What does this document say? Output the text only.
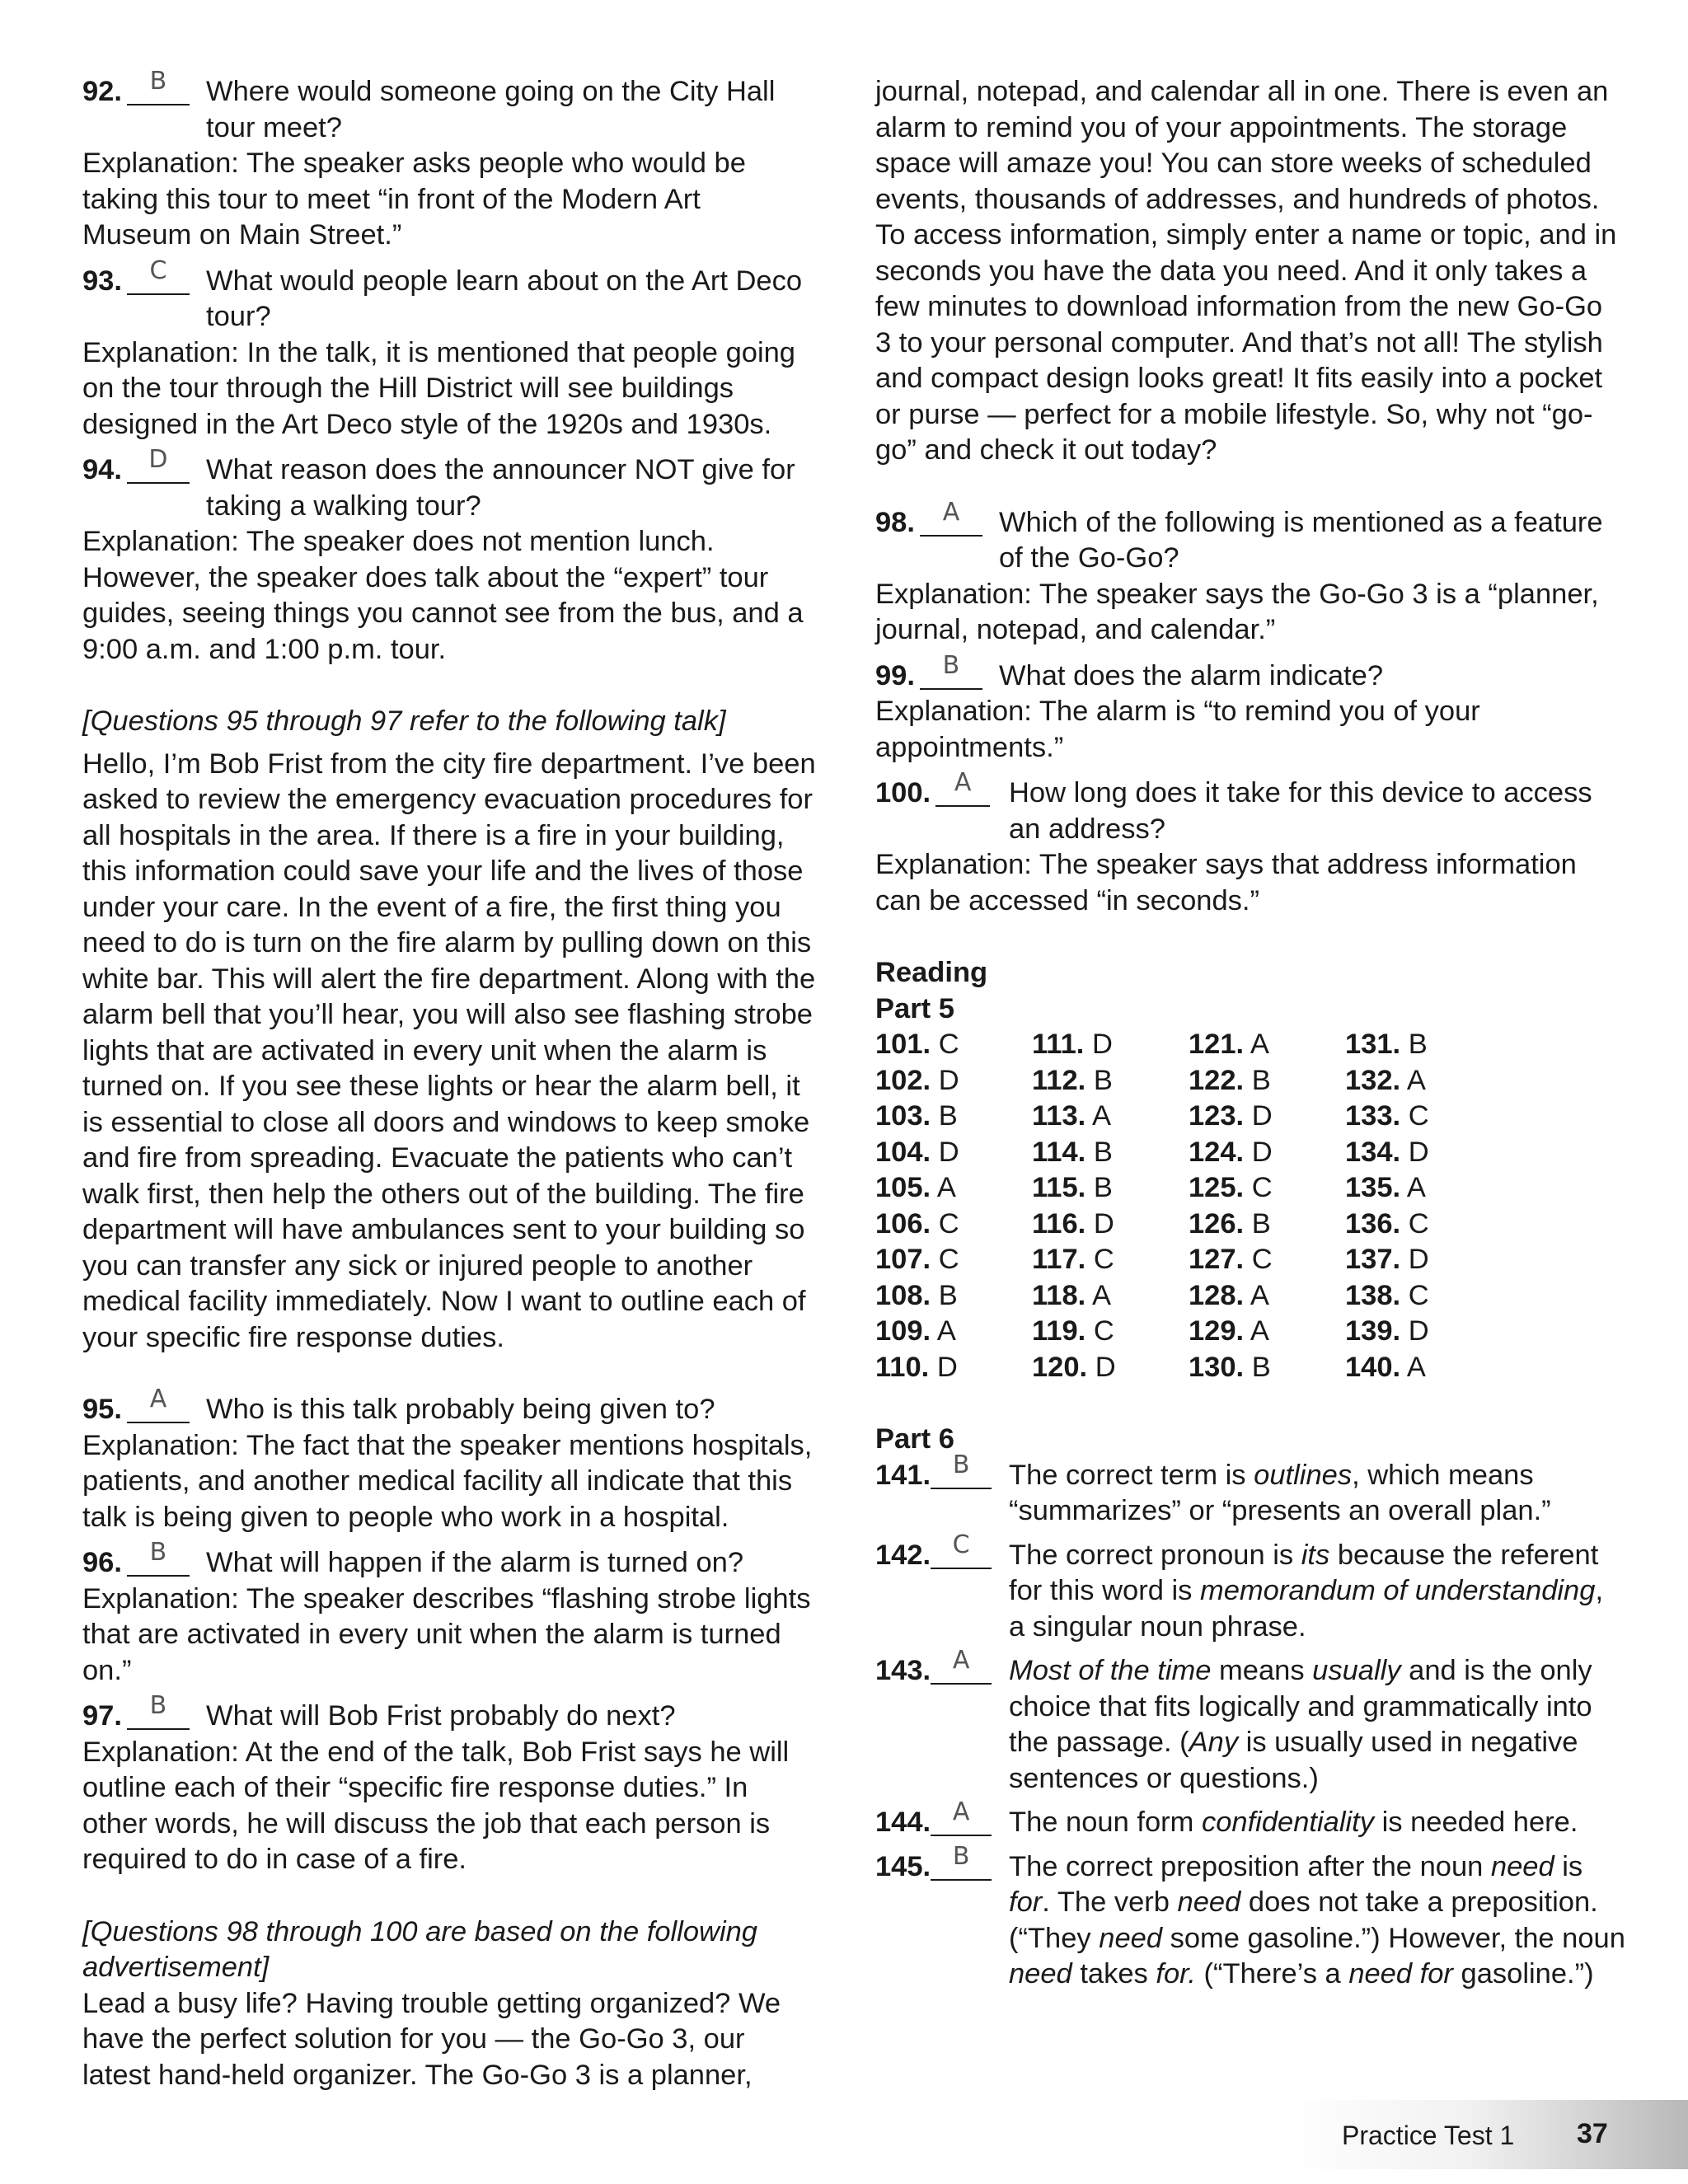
92. B	Where would someone going on the City Hall tour meet?

Explanation: The speaker asks people who would be taking this tour to meet “in front of the Modern Art Museum on Main Street.”

93. C	What would people learn about on the Art Deco tour?

Explanation: In the talk, it is mentioned that people going on the tour through the Hill District will see buildings designed in the Art Deco style of the 1920s and 1930s.

94. D	What reason does the announcer NOT give for taking a walking tour?

Explanation: The speaker does not mention lunch. However, the speaker does talk about the “expert” tour guides, seeing things you cannot see from the bus, and a 9:00 a.m. and 1:00 p.m. tour.

[Questions 95 through 97 refer to the following talk]

Hello, I’m Bob Frist from the city fire department. I’ve been asked to review the emergency evacuation procedures for all hospitals in the area. If there is a fire in your building, this information could save your life and the lives of those under your care. In the event of a fire, the first thing you need to do is turn on the fire alarm by pulling down on this white bar. This will alert the fire department. Along with the alarm bell that you’ll hear, you will also see flashing strobe lights that are activated in every unit when the alarm is turned on. If you see these lights or hear the alarm bell, it is essential to close all doors and windows to keep smoke and fire from spreading. Evacuate the patients who can’t walk first, then help the others out of the building. The fire department will have ambulances sent to your building so you can transfer any sick or injured people to another medical facility immediately. Now I want to outline each of your specific fire response duties.

95. A	Who is this talk probably being given to?

Explanation: The fact that the speaker mentions hospitals, patients, and another medical facility all indicate that this talk is being given to people who work in a hospital.

96. B	What will happen if the alarm is turned on?

Explanation: The speaker describes “flashing strobe lights that are activated in every unit when the alarm is turned on.”

97. B	What will Bob Frist probably do next?

Explanation: At the end of the talk, Bob Frist says he will outline each of their “specific fire response duties.” In other words, he will discuss the job that each person is required to do in case of a fire.

[Questions 98 through 100 are based on the following advertisement]

Lead a busy life? Having trouble getting organized? We have the perfect solution for you — the Go-Go 3, our latest hand-held organizer. The Go-Go 3 is a planner,

journal, notepad, and calendar all in one. There is even an alarm to remind you of your appointments. The storage space will amaze you! You can store weeks of scheduled events, thousands of addresses, and hundreds of photos. To access information, simply enter a name or topic, and in seconds you have the data you need. And it only takes a few minutes to download information from the new Go-Go 3 to your personal computer. And that’s not all! The stylish and compact design looks great! It fits easily into a pocket or purse — perfect for a mobile lifestyle. So, why not “go-go” and check it out today?

98. A	Which of the following is mentioned as a feature of the Go-Go?

Explanation: The speaker says the Go-Go 3 is a “planner, journal, notepad, and calendar.”

99. B	What does the alarm indicate?

Explanation: The alarm is “to remind you of your appointments.”

100. A	How long does it take for this device to access an address?

Explanation: The speaker says that address information can be accessed “in seconds.”

Reading

Part 5

101. C	111. D	121. A	131. B
102. D	112. B	122. B	132. A
103. B	113. A	123. D	133. C
104. D	114. B	124. D	134. D
105. A	115. B	125. C	135. A
106. C	116. D	126. B	136. C
107. C	117. C	127. C	137. D
108. B	118. A	128. A	138. C
109. A	119. C	129. A	139. D
110. D	120. D	130. B	140. A

Part 6

141. B	The correct term is outlines, which means “summarizes” or “presents an overall plan.”

142. C	The correct pronoun is its because the referent for this word is memorandum of understanding, a singular noun phrase.

143. A	Most of the time means usually and is the only choice that fits logically and grammatically into the passage. (Any is usually used in negative sentences or questions.)

144. A	The noun form confidentiality is needed here.

145. B	The correct preposition after the noun need is for. The verb need does not take a preposition. (“They need some gasoline.”) However, the noun need takes for. (“There’s a need for gasoline.”)

Practice Test 1 37
